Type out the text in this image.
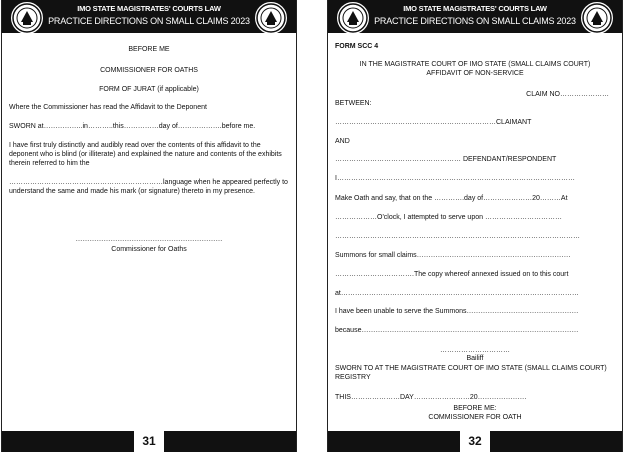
IMO STATE MAGISTRATES' COURTS LAW
PRACTICE DIRECTIONS ON SMALL CLAIMS 2023
BEFORE ME
COMMISSIONER FOR OATHS
FORM OF JURAT (if applicable)
Where the Commissioner has read the Affidavit to the Deponent
SWORN at……………..in………..this……………day of……………….before me.
I have first truly distinctly and audibly read over the contents of this affidavit to the deponent who is blind (or illiterate) and explained the nature and contents of the exhibits therein referred to him the
…………………………………………………………language when he appeared perfectly to understand the same and made his mark (or signature) thereto in my presence.
………………………………………………………
Commissioner for Oaths
31
IMO STATE MAGISTRATES' COURTS LAW
PRACTICE DIRECTIONS ON SMALL CLAIMS 2023
FORM SCC 4
IN THE MAGISTRATE COURT OF IMO STATE (SMALL CLAIMS COURT) AFFIDAVIT OF NON-SERVICE
CLAIM NO…………………
BETWEEN:
……………………………………………………………CLAIMANT
AND
……………………………………………… DEFENDANT/RESPONDENT
I…………………………………………………………………………………………
Make Oath and say, that on the ………….day of…………………20………At
………………O'clock, I attempted to serve upon ……………………………
……………………………………………………………………………………………
Summons for small claims…………………………………………………………
…………………………….The copy whereof annexed issued on to this court
at…………………………………………………………………………………………
I have been unable to serve the Summons…………………………………………
because…………………………………………………………………………………
…………………………
Bailiff
SWORN TO AT THE MAGISTRATE COURT OF IMO STATE (SMALL CLAIMS COURT) REGISTRY
THIS…………………DAY……………………20…………………
BEFORE ME:
COMMISSIONER FOR OATH
32
